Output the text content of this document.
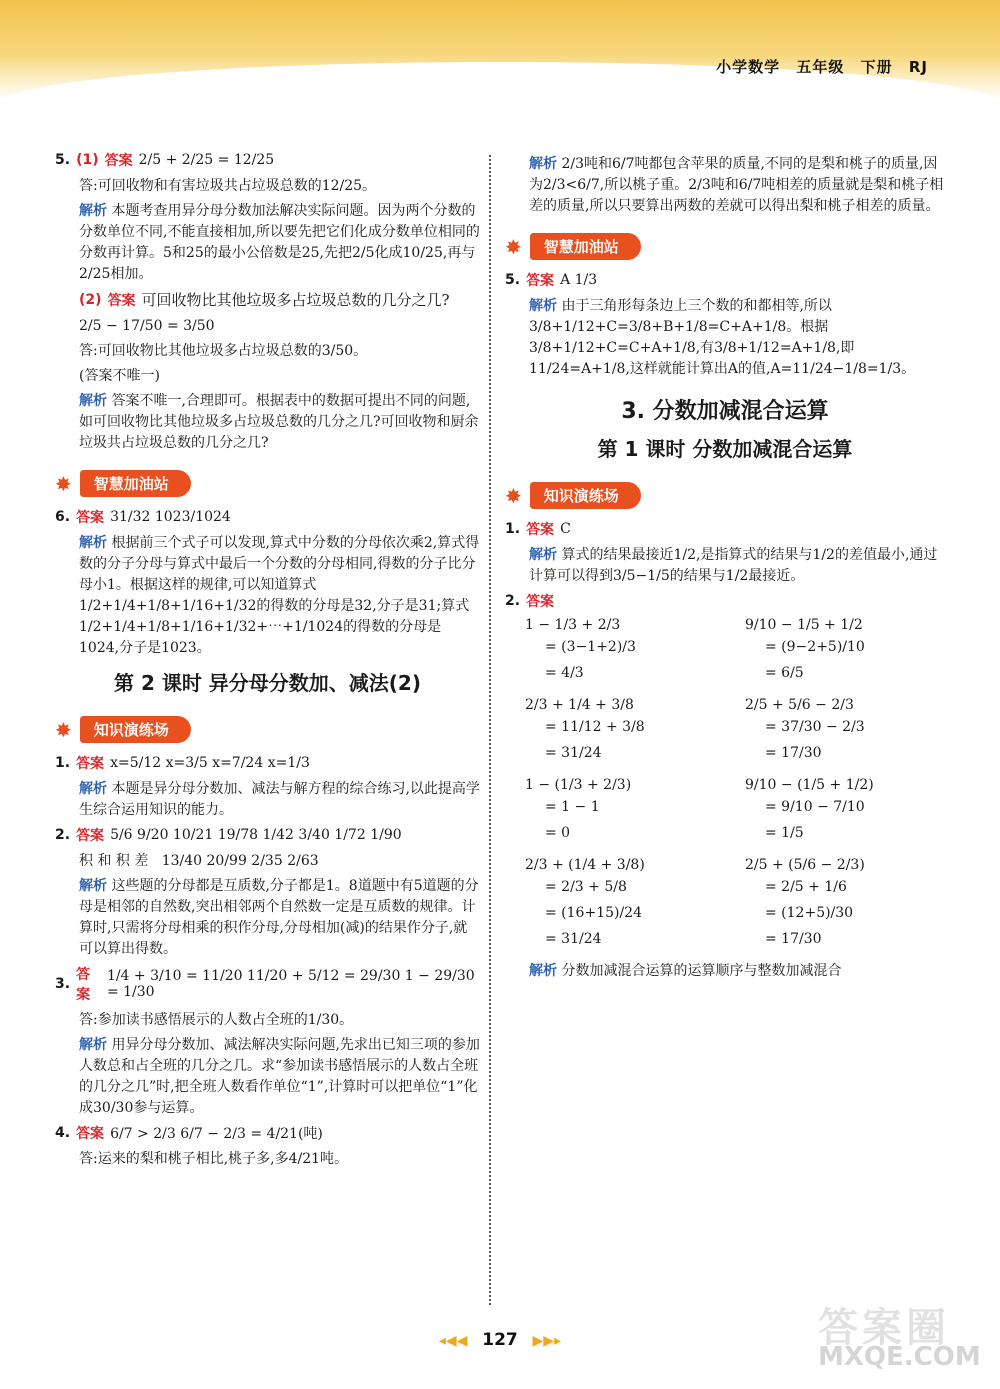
小学数学 五年级 下册 RJ
5. (1) 答案 2/5 + 2/25 = 12/25

答:可回收物和有害垃圾共占垃圾总数的12/25。

解析 本题考查用异分母分数加法解决实际问题。因为两个分数的分数单位不同,不能直接相加,所以要先把它们化成分数单位相同的分数再计算。5和25的最小公倍数是25,先把2/5化成10/25,再与2/25相加。

(2) 答案 可回收物比其他垃圾多占垃圾总数的几分之几?

2/5 − 17/50 = 3/50

答:可回收物比其他垃圾多占垃圾总数的3/50。

(答案不唯一)

解析 答案不唯一,合理即可。根据表中的数据可提出不同的问题,如可回收物比其他垃圾多占垃圾总数的几分之几?可回收物和厨余垃圾共占垃圾总数的几分之几?

✸	智慧加油站
6. 答案 31/32 1023/1024

解析 根据前三个式子可以发现,算式中分数的分母依次乘2,算式得数的分子分母与算式中最后一个分数的分母相同,得数的分子比分母小1。根据这样的规律,可以知道算式1/2+1/4+1/8+1/16+1/32的得数的分母是32,分子是31;算式1/2+1/4+1/8+1/16+1/32+⋯+1/1024的得数的分母是1024,分子是1023。

第 2 课时 异分母分数加、减法(2)
✸	知识演练场
1. 答案 x=5/12 x=3/5 x=7/24 x=1/3

解析 本题是异分母分数加、减法与解方程的综合练习,以此提高学生综合运用知识的能力。

2. 答案 5/6 9/20 10/21 19/78 1/42 3/40 1/72 1/90

积 和 积 差 13/40 20/99 2/35 2/63

解析 这些题的分母都是互质数,分子都是1。8道题中有5道题的分母是相邻的自然数,突出相邻两个自然数一定是互质数的规律。计算时,只需将分母相乘的积作分母,分母相加(减)的结果作分子,就可以算出得数。

3.
答案
1/4 + 3/10 = 11/20 11/20 + 5/12 = 29/30 1 − 29/30 = 1/30

答:参加读书感悟展示的人数占全班的1/30。

解析 用异分母分数加、减法解决实际问题,先求出已知三项的参加人数总和占全班的几分之几。求“参加读书感悟展示的人数占全班的几分之几”时,把全班人数看作单位“1”,计算时可以把单位“1”化成30/30参与运算。

4. 答案 6/7 > 2/3 6/7 − 2/3 = 4/21(吨)

答:运来的梨和桃子相比,桃子多,多4/21吨。

解析 2/3吨和6/7吨都包含苹果的质量,不同的是梨和桃子的质量,因为2/3<6/7,所以桃子重。2/3吨和6/7吨相差的质量就是梨和桃子相差的质量,所以只要算出两数的差就可以得出梨和桃子相差的质量。

✸	智慧加油站
5. 答案 A 1/3

解析 由于三角形每条边上三个数的和都相等,所以3/8+1/12+C=3/8+B+1/8=C+A+1/8。根据3/8+1/12+C=C+A+1/8,有3/8+1/12=A+1/8,即11/24=A+1/8,这样就能计算出A的值,A=11/24−1/8=1/3。

3. 分数加减混合运算
第 1 课时 分数加减混合运算
✸	知识演练场
1. 答案 C

解析 算式的结果最接近1/2,是指算式的结果与1/2的差值最小,通过计算可以得到3/5−1/5的结果与1/2最接近。

2. 答案
1 − 1/3 + 2/3
= (3−1+2)/3
= 4/3
9/10 − 1/5 + 1/2
= (9−2+5)/10
= 6/5
2/3 + 1/4 + 3/8
= 11/12 + 3/8
= 31/24
2/5 + 5/6 − 2/3
= 37/30 − 2/3
= 17/30
1 − (1/3 + 2/3)
= 1 − 1
= 0
9/10 − (1/5 + 1/2)
= 9/10 − 7/10
= 1/5
2/3 + (1/4 + 3/8)
= 2/3 + 5/8
= (16+15)/24
= 31/24
2/5 + (5/6 − 2/3)
= 2/5 + 1/6
= (12+5)/30
= 17/30

解析 分数加减混合运算的运算顺序与整数加减混合

◂◀◀ 127 ▶▶▸	答案圈
MXQE.COM
